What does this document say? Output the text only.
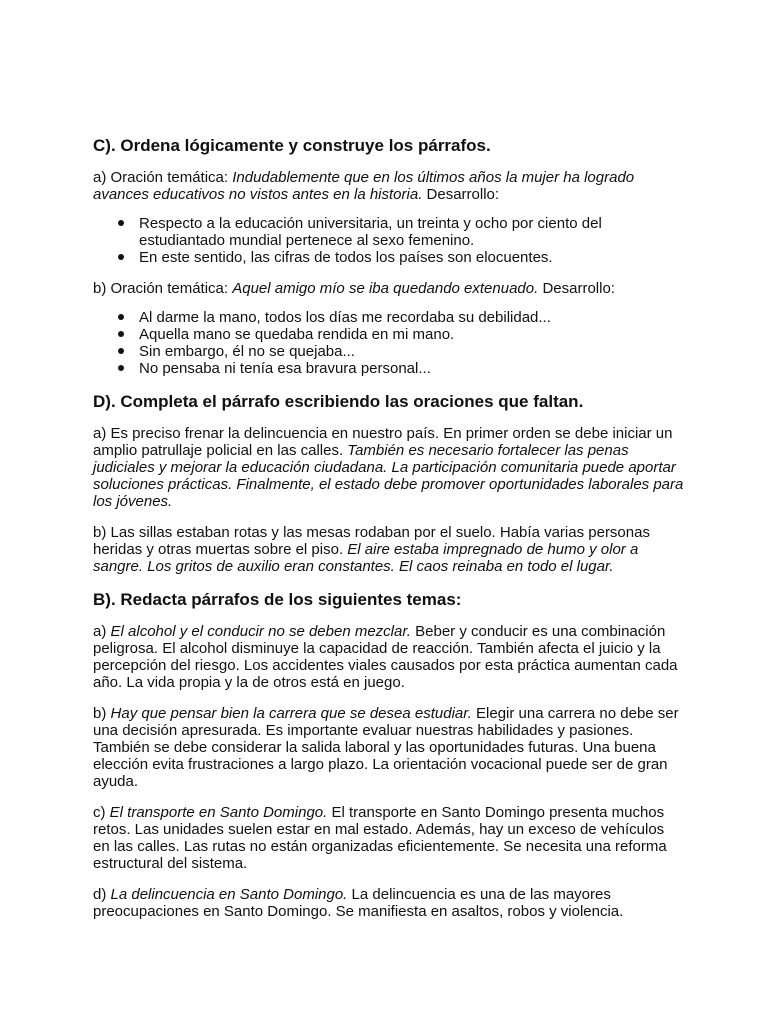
C). Ordena lógicamente y construye los párrafos.

a) Oración temática: Indudablemente que en los últimos años la mujer ha logrado avances educativos no vistos antes en la historia. Desarrollo:

Respecto a la educación universitaria, un treinta y ocho por ciento del estudiantado mundial pertenece al sexo femenino.
En este sentido, las cifras de todos los países son elocuentes.

b) Oración temática: Aquel amigo mío se iba quedando extenuado. Desarrollo:

Al darme la mano, todos los días me recordaba su debilidad...
Aquella mano se quedaba rendida en mi mano.
Sin embargo, él no se quejaba...
No pensaba ni tenía esa bravura personal...
D). Completa el párrafo escribiendo las oraciones que faltan.

a) Es preciso frenar la delincuencia en nuestro país. En primer orden se debe iniciar un amplio patrullaje policial en las calles. También es necesario fortalecer las penas judiciales y mejorar la educación ciudadana. La participación comunitaria puede aportar soluciones prácticas. Finalmente, el estado debe promover oportunidades laborales para los jóvenes.

b) Las sillas estaban rotas y las mesas rodaban por el suelo. Había varias personas heridas y otras muertas sobre el piso. El aire estaba impregnado de humo y olor a sangre. Los gritos de auxilio eran constantes. El caos reinaba en todo el lugar.

B). Redacta párrafos de los siguientes temas:

a) El alcohol y el conducir no se deben mezclar. Beber y conducir es una combinación peligrosa. El alcohol disminuye la capacidad de reacción. También afecta el juicio y la percepción del riesgo. Los accidentes viales causados por esta práctica aumentan cada año. La vida propia y la de otros está en juego.

b) Hay que pensar bien la carrera que se desea estudiar. Elegir una carrera no debe ser una decisión apresurada. Es importante evaluar nuestras habilidades y pasiones. También se debe considerar la salida laboral y las oportunidades futuras. Una buena elección evita frustraciones a largo plazo. La orientación vocacional puede ser de gran ayuda.

c) El transporte en Santo Domingo. El transporte en Santo Domingo presenta muchos retos. Las unidades suelen estar en mal estado. Además, hay un exceso de vehículos en las calles. Las rutas no están organizadas eficientemente. Se necesita una reforma estructural del sistema.

d) La delincuencia en Santo Domingo. La delincuencia es una de las mayores preocupaciones en Santo Domingo. Se manifiesta en asaltos, robos y violencia.
